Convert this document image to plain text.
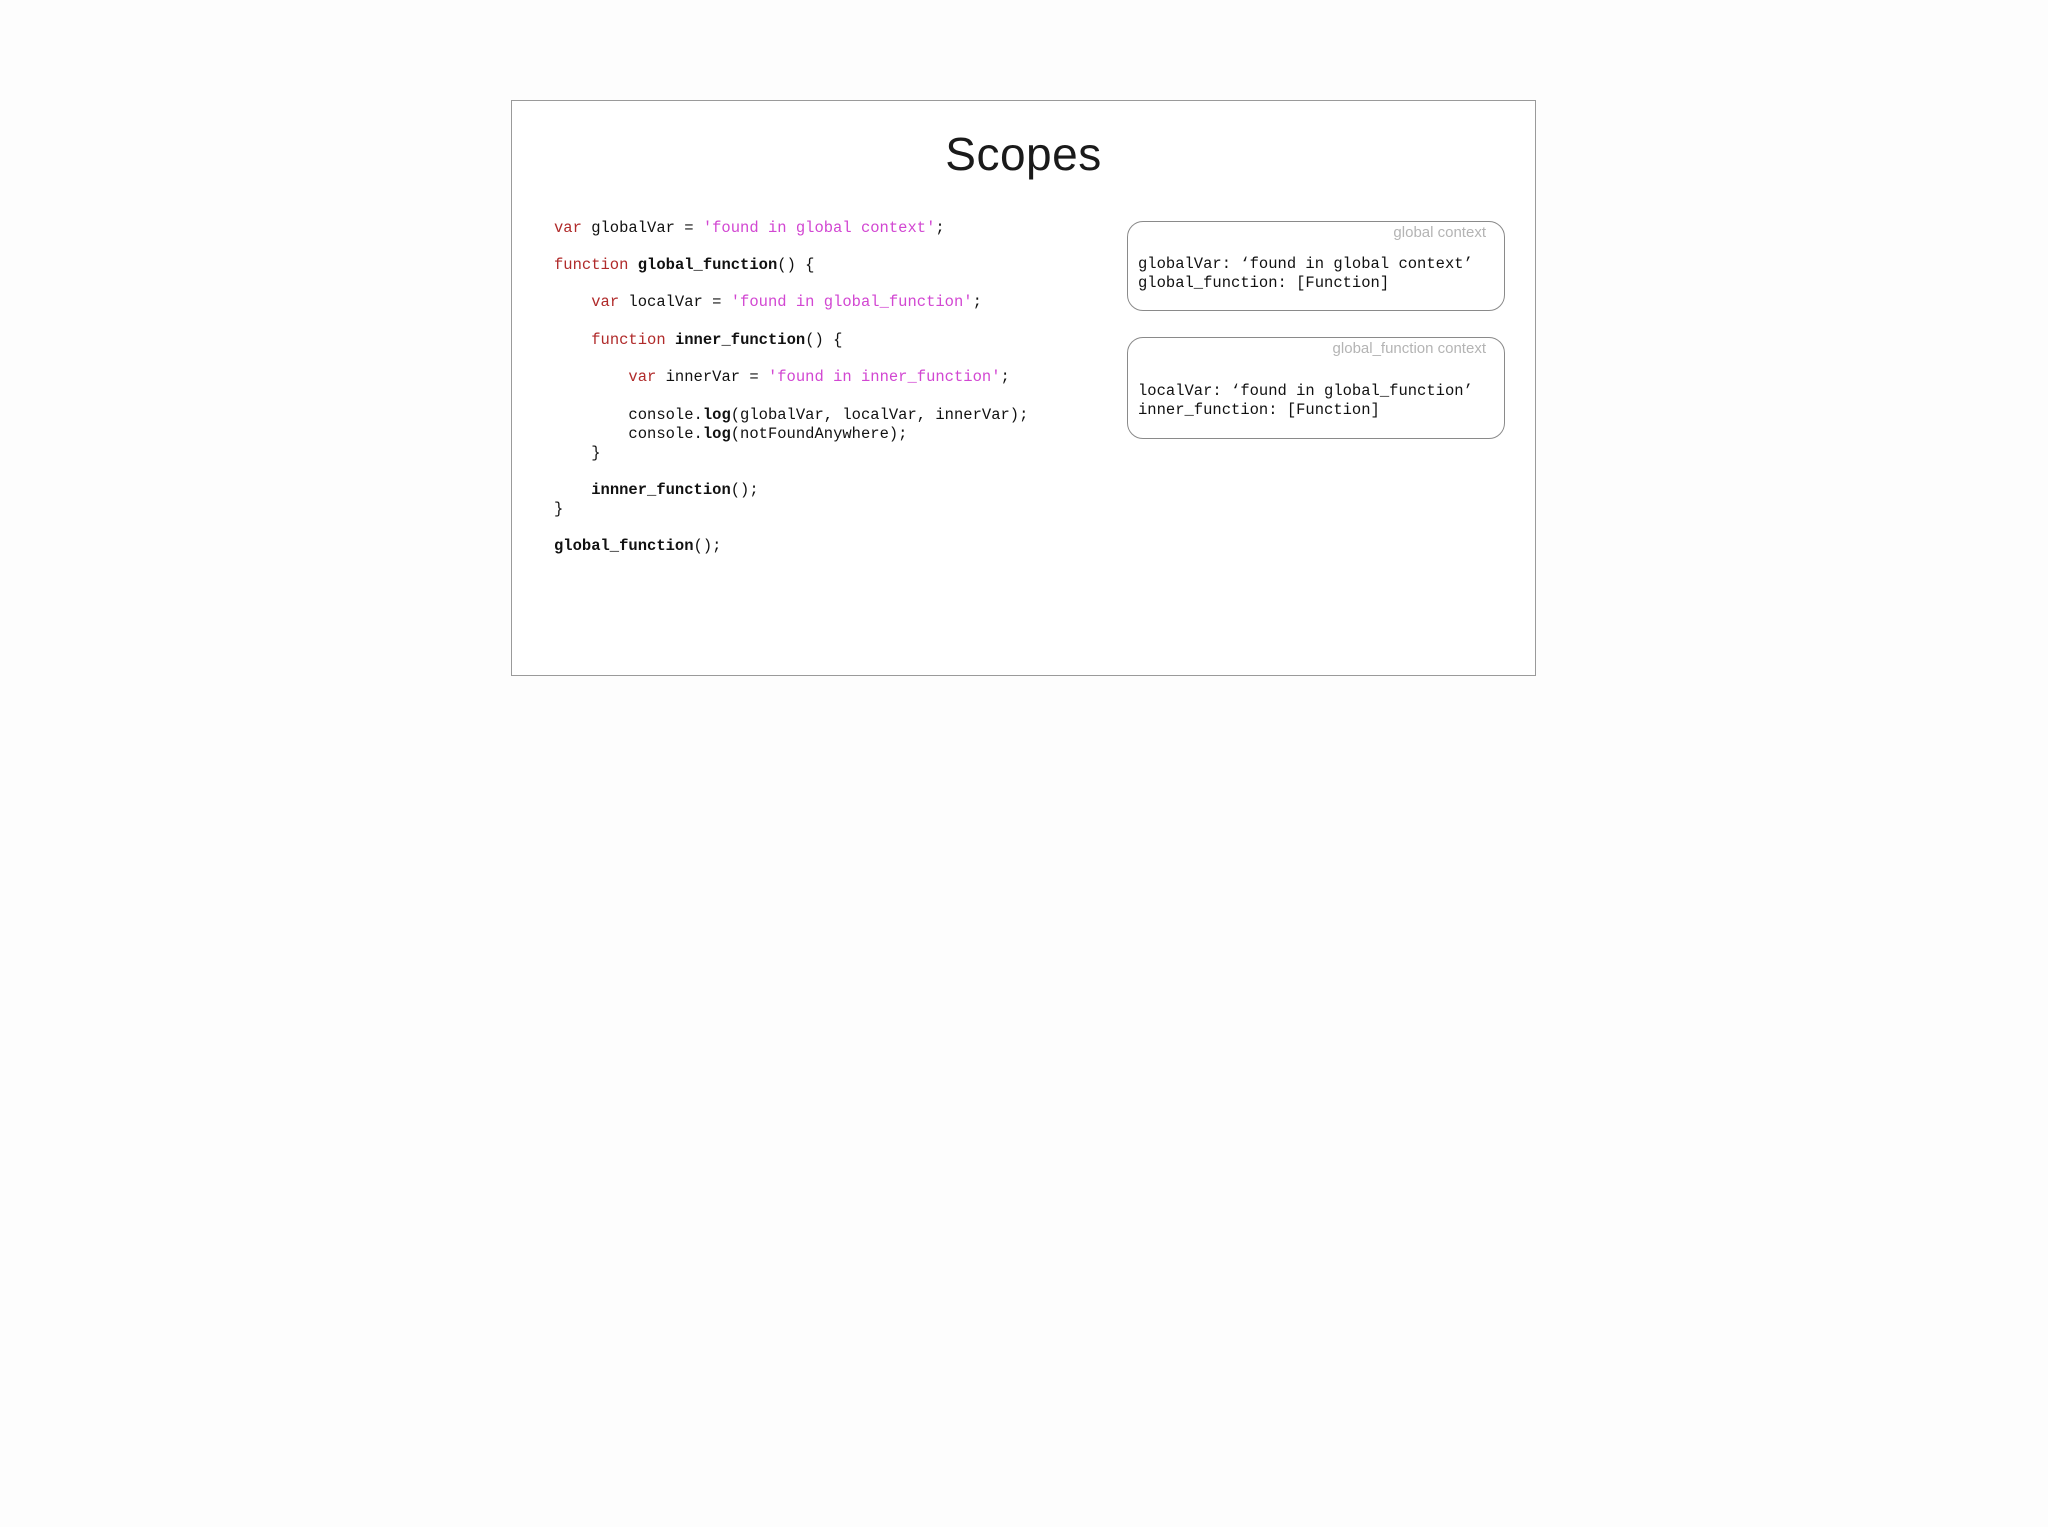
Scopes
var globalVar = 'found in global context';
function global_function() {
var localVar = 'found in global_function';
function inner_function() {
var innerVar = 'found in inner_function';
console.log(globalVar, localVar, innerVar);
console.log(notFoundAnywhere);
}
innner_function();
}
global_function();
global context
globalVar: ‘found in global context’
global_function: [Function]
global_function context
localVar: ‘found in global_function’
inner_function: [Function]
